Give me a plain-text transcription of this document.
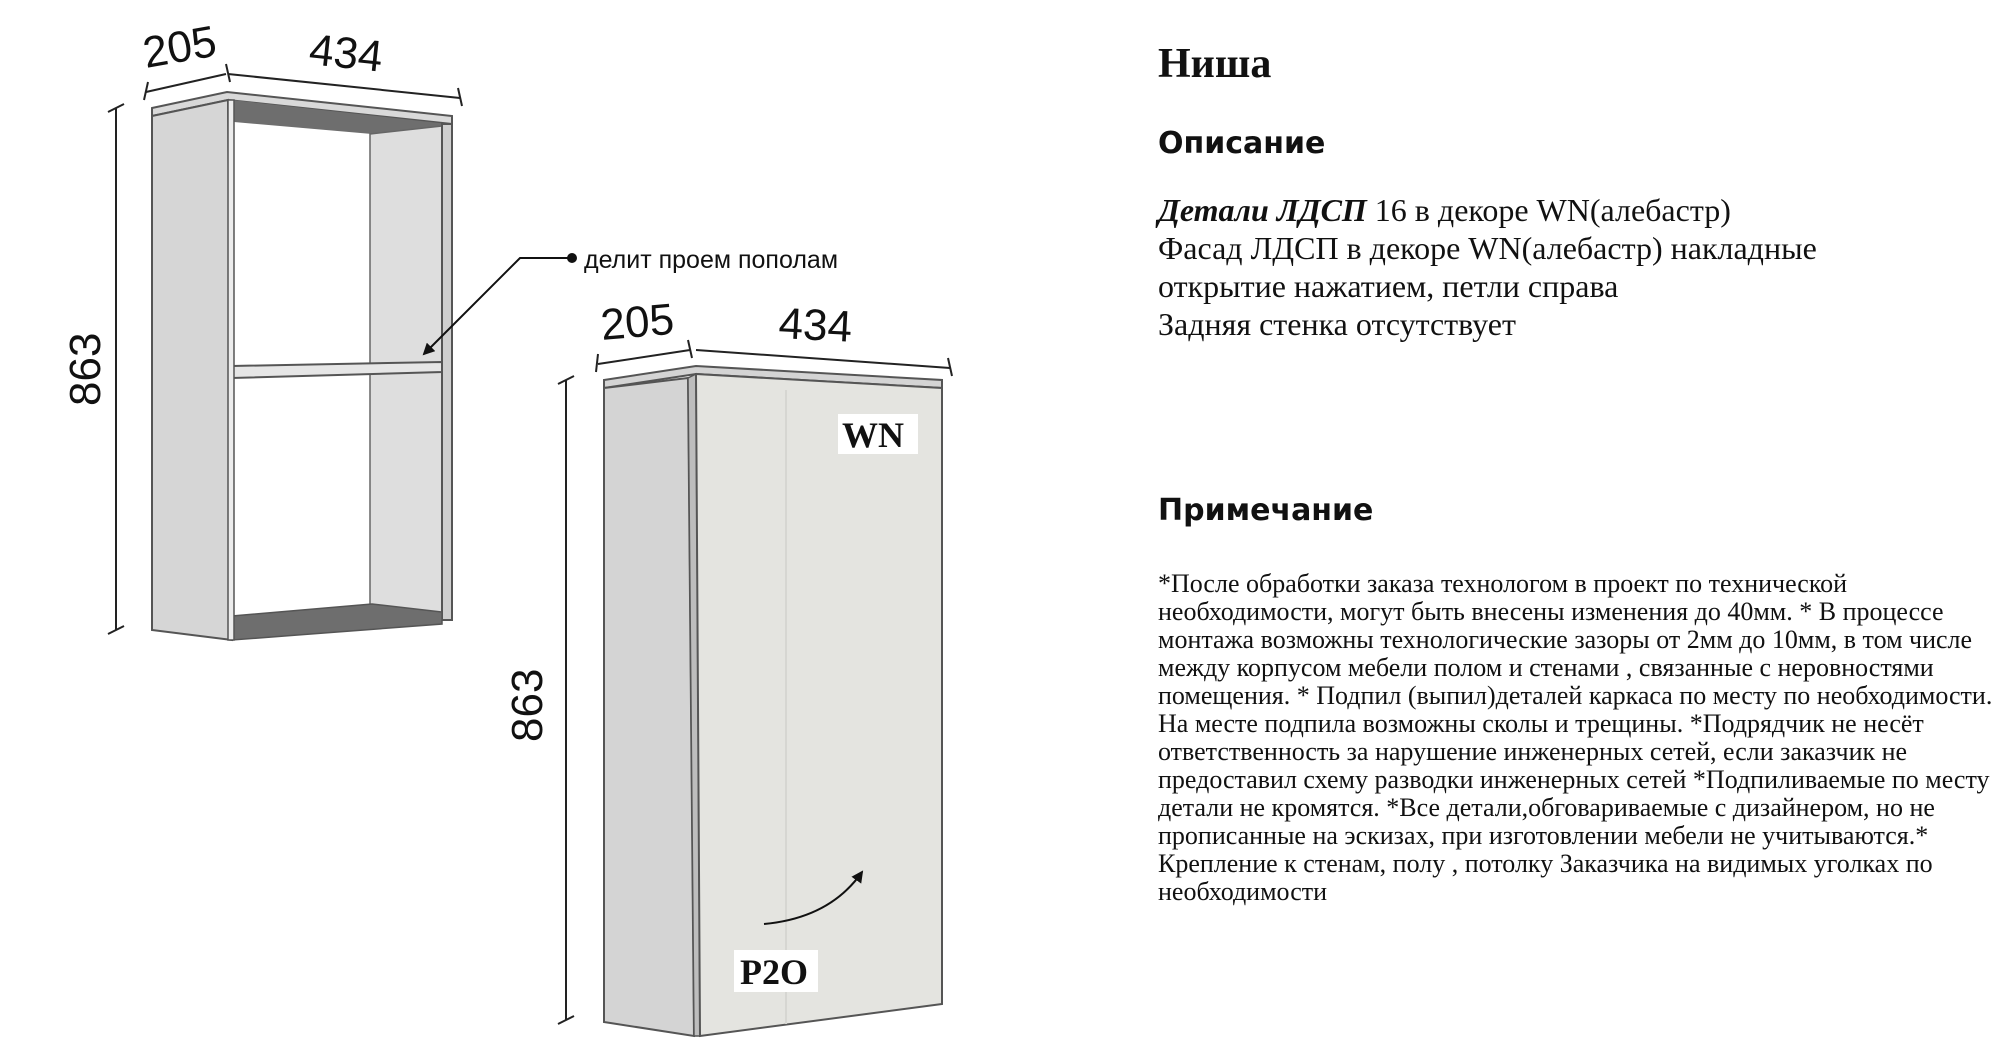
205 434
863
делит проем пополам
205 434
863
WN
P2O
Ниша
Описание
Детали ЛДСП 16 в декоре WN(алебастр)
Фасад ЛДСП в декоре WN(алебастр) накладные
открытие нажатием, петли справа
Задняя стенка отсутствует
Примечание
*После обработки заказа технологом в проект по технической необходимости, могут быть внесены изменения до 40мм. * В процессе монтажа возможны технологические зазоры от 2мм до 10мм, в том числе между корпусом мебели полом и стенами , связанные с неровностями помещения. * Подпил (выпил)деталей каркаса по месту по необходимости. На месте подпила возможны сколы и трещины. *Подрядчик не несёт ответственность за нарушение инженерных сетей, если заказчик не предоставил схему разводки инженерных сетей *Подпиливаемые по месту детали не кромятся. *Все детали,обговариваемые с дизайнером, но не прописанные на эскизах, при изготовлении мебели не учитываются.* Крепление к стенам, полу , потолку Заказчика на видимых уголках по необходимости
